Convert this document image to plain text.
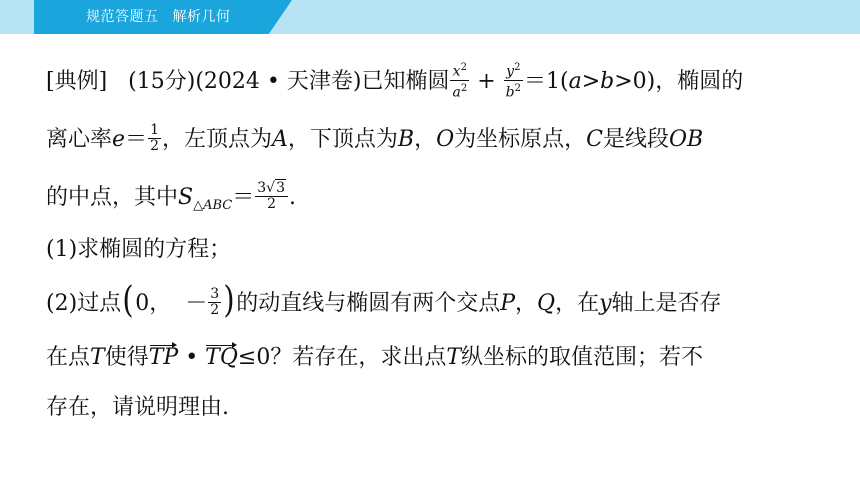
规范答题五 解析几何
[典例] (15分)(2024 • 天津卷)已知椭圆 $\frac{x^2}{a^2} + \frac{y^2}{b^2} =1(a>b>0)$，椭圆的
离心率$e= \frac{1}{2}$ ，左顶点为A，下顶点为B，O为坐标原点，C是线段OB
的中点，其中$S_{\triangle ABC}= \frac{3√3}{2}$ .
(1)求椭圆的方程；
(2)过点(0， － $\frac{3}{2}$ )的动直线与椭圆有两个交点P，Q，在y轴上是否存
在点T使得TP • TQ≤0？若存在，求出点T纵坐标的取值范围；若不
存在，请说明理由.
